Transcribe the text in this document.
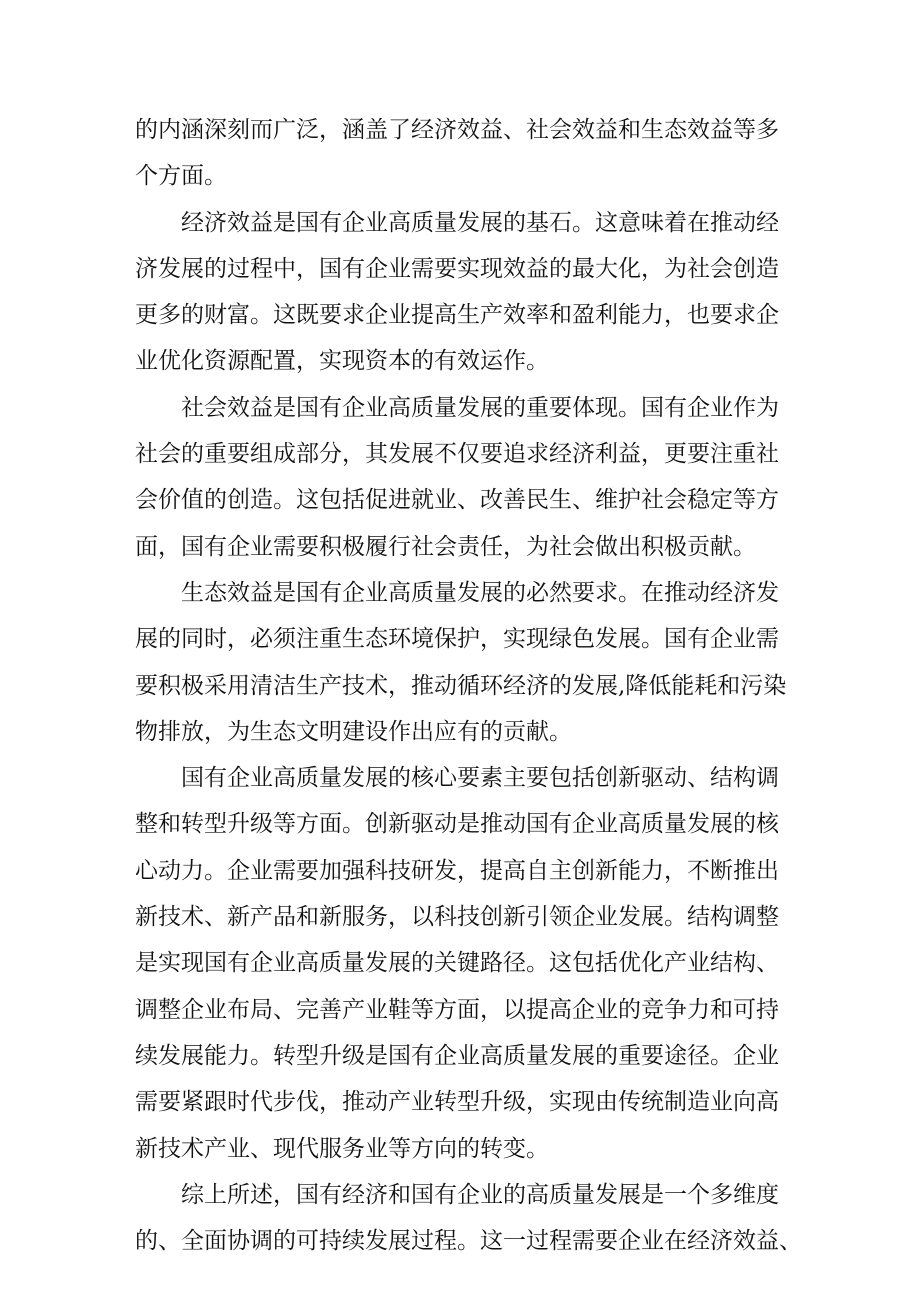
的内涵深刻而广泛，涵盖了经济效益、社会效益和生态效益等多
个方面。
经济效益是国有企业高质量发展的基石。这意味着在推动经
济发展的过程中，国有企业需要实现效益的最大化，为社会创造
更多的财富。这既要求企业提高生产效率和盈利能力，也要求企
业优化资源配置，实现资本的有效运作。
社会效益是国有企业高质量发展的重要体现。国有企业作为
社会的重要组成部分，其发展不仅要追求经济利益，更要注重社
会价值的创造。这包括促进就业、改善民生、维护社会稳定等方
面，国有企业需要积极履行社会责任，为社会做出积极贡献。
生态效益是国有企业高质量发展的必然要求。在推动经济发
展的同时，必须注重生态环境保护，实现绿色发展。国有企业需
要积极采用清洁生产技术，推动循环经济的发展,降低能耗和污染
物排放，为生态文明建设作出应有的贡献。
国有企业高质量发展的核心要素主要包括创新驱动、结构调
整和转型升级等方面。创新驱动是推动国有企业高质量发展的核
心动力。企业需要加强科技研发，提高自主创新能力，不断推出
新技术、新产品和新服务，以科技创新引领企业发展。结构调整
是实现国有企业高质量发展的关键路径。这包括优化产业结构、
调整企业布局、完善产业鞋等方面，以提高企业的竞争力和可持
续发展能力。转型升级是国有企业高质量发展的重要途径。企业
需要紧跟时代步伐，推动产业转型升级，实现由传统制造业向高
新技术产业、现代服务业等方向的转变。
综上所述，国有经济和国有企业的高质量发展是一个多维度
的、全面协调的可持续发展过程。这一过程需要企业在经济效益、
